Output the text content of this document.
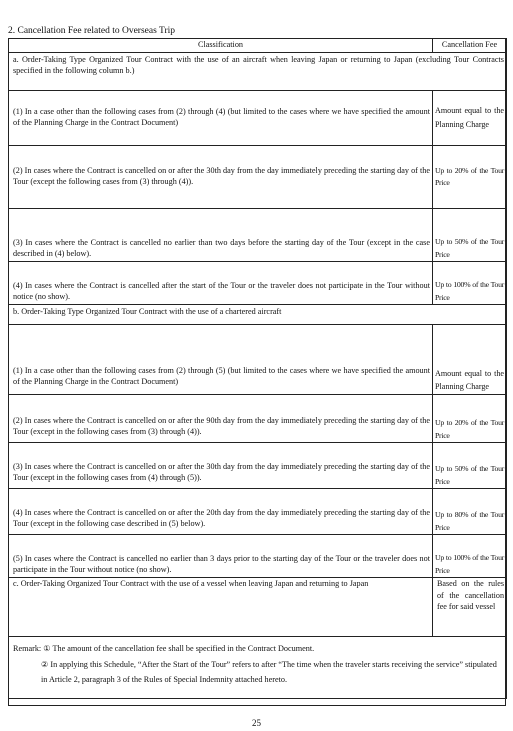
2. Cancellation Fee related to Overseas Trip
Classification	Cancellation Fee
a. Order-Taking Type Organized Tour Contract with the use of an aircraft when leaving Japan or returning to Japan (excluding Tour Contracts specified in the following column b.)	
(1) In a case other than the following cases from (2) through (4) (but limited to the cases where we have specified the amount of the Planning Charge in the Contract Document)	Amount equal to the Planning Charge
(2) In cases where the Contract is cancelled on or after the 30th day from the day immediately preceding the starting day of the Tour (except the following cases from (3) through (4)).	Up to 20% of the Tour Price
(3) In cases where the Contract is cancelled no earlier than two days before the starting day of the Tour (except in the case described in (4) below).	Up to 50% of the Tour Price
(4) In cases where the Contract is cancelled after the start of the Tour or the traveler does not participate in the Tour without notice (no show).	Up to 100% of the Tour Price
b. Order-Taking Type Organized Tour Contract with the use of a chartered aircraft	
(1) In a case other than the following cases from (2) through (5) (but limited to the cases where we have specified the amount of the Planning Charge in the Contract Document)	Amount equal to the Planning Charge
(2) In cases where the Contract is cancelled on or after the 90th day from the day immediately preceding the starting day of the Tour (except in the following cases from (3) through (4)).	Up to 20% of the Tour Price
(3) In cases where the Contract is cancelled on or after the 30th day from the day immediately preceding the starting day of the Tour (except in the following cases from (4) through (5)).	Up to 50% of the Tour Price
(4) In cases where the Contract is cancelled on or after the 20th day from the day immediately preceding the starting day of the Tour (except in the following case described in (5) below).	Up to 80% of the Tour Price
(5) In cases where the Contract is cancelled no earlier than 3 days prior to the starting day of the Tour or the traveler does not participate in the Tour without notice (no show).	Up to 100% of the Tour Price
c. Order-Taking Organized Tour Contract with the use of a vessel when leaving Japan and returning to Japan	Based on the rules of the cancellation fee for said vessel

Remark: ① The amount of the cancellation fee shall be specified in the Contract Document.
② In applying this Schedule, “After the Start of the Tour” refers to after “The time when the traveler starts receiving the service” stipulated in Article 2, paragraph 3 of the Rules of Special Indemnity attached hereto.	
25
